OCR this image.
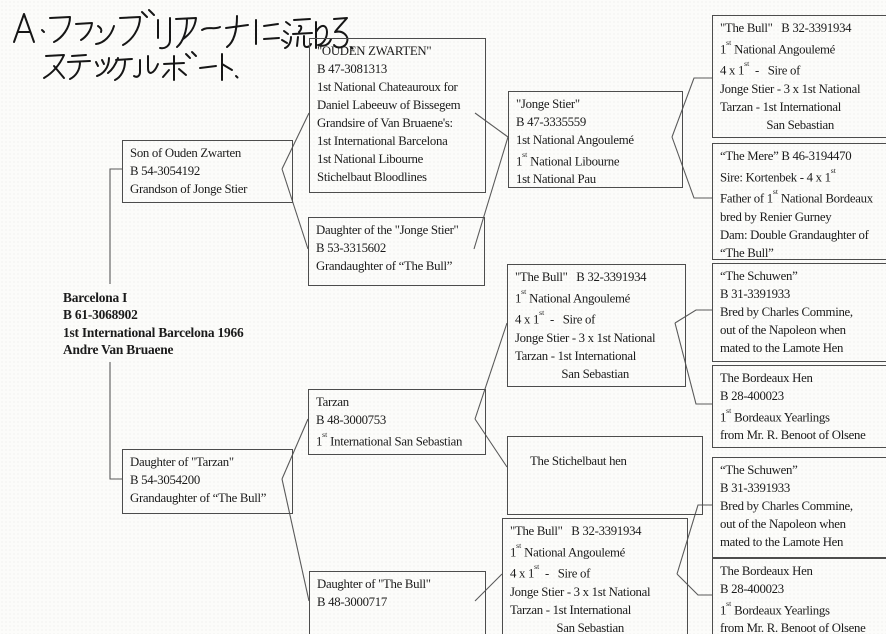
Barcelona I
B 61-3068902
1st International Barcelona 1966
Andre Van Bruaene
Son of Ouden Zwarten
B 54-3054192
Grandson of Jonge Stier
Daughter of "Tarzan"
B 54-3054200
Grandaughter of “The Bull”
"OUDEN ZWARTEN"
B 47-3081313
1st National Chateauroux for
Daniel Labeeuw of Bissegem
Grandsire of Van Bruaene's:
1st International Barcelona
1st National Libourne
Stichelbaut Bloodlines
Daughter of the "Jonge Stier"
B 53-3315602
Grandaughter of “The Bull”
Tarzan
B 48-3000753
1st International San Sebastian
Daughter of "The Bull"
B 48-3000717
"Jonge Stier"
B 47-3335559
1st National Angoulemé
1st National Libourne
1st National Pau
"The Bull"   B 32-3391934
1st National Angoulemé
4 x 1st  -   Sire of
Jonge Stier - 3 x 1st National
Tarzan - 1st International
San Sebastian
The Stichelbaut hen
"The Bull"   B 32-3391934
1st National Angoulemé
4 x 1st  -   Sire of
Jonge Stier - 3 x 1st National
Tarzan - 1st International
San Sebastian
"The Bull"   B 32-3391934
1st National Angoulemé
4 x 1st  -   Sire of
Jonge Stier - 3 x 1st National
Tarzan - 1st International
San Sebastian
“The Mere” B 46-3194470
Sire: Kortenbek - 4 x 1st
Father of 1st National Bordeaux
bred by Renier Gurney
Dam: Double Grandaughter of
“The Bull”
“The Schuwen”
B 31-3391933
Bred by Charles Commine,
out of the Napoleon when
mated to the Lamote Hen
The Bordeaux Hen
B 28-400023
1st Bordeaux Yearlings
from Mr. R. Benoot of Olsene
“The Schuwen”
B 31-3391933
Bred by Charles Commine,
out of the Napoleon when
mated to the Lamote Hen
The Bordeaux Hen
B 28-400023
1st Bordeaux Yearlings
from Mr. R. Benoot of Olsene
